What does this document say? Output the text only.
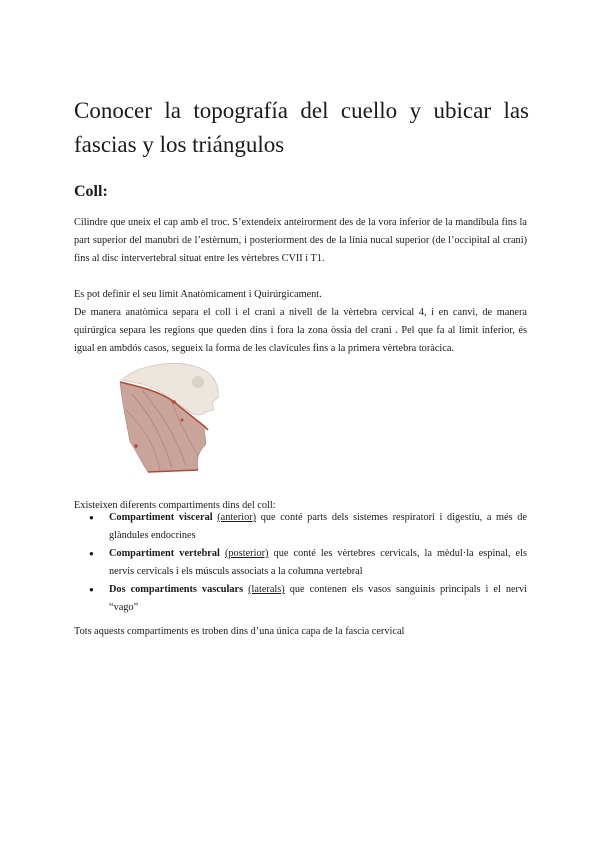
Conocer la topografía del cuello y ubicar las fascias y los triángulos
Coll:

Cilindre que uneix el cap amb el troc. S’extendeix anteirorment des de la vora inferior de la mandíbula fins la part superior del manubri de l’estèrnum, i posteriorment des de la línia nucal superior (de l’occipital al crani) fins al disc intervertebral situat entre les vèrtebres CVII i T1.

Es pot definir el seu límit Anatòmicament i Quirúrgicament.

De manera anatòmica separa el coll i el crani a nivell de la vèrtebra cervical 4, i en canvi, de manera quirúrgica separa les regions que queden dins i fora la zona òssia del crani . Pel que fa al límit inferior, és igual en ambdós casos, segueix la forma de les clavícules fins a la primera vèrtebra toràcica.

Existeixen diferents compartiments dins del coll:

● Compartiment visceral (anterior) que conté parts dels sistemes respiratori i digestiu, a més de glàndules endocrines
● Compartiment vertebral (posterior) que conté les vèrtebres cervicals, la mèdul·la espinal, els nervis cervicals i els músculs associats a la columna vertebral
● Dos compartiments vasculars (laterals) que contenen els vasos sanguinis principals i el nervi “vago”

Tots aquests compartiments es troben dins d’una única capa de la fascia cervical
